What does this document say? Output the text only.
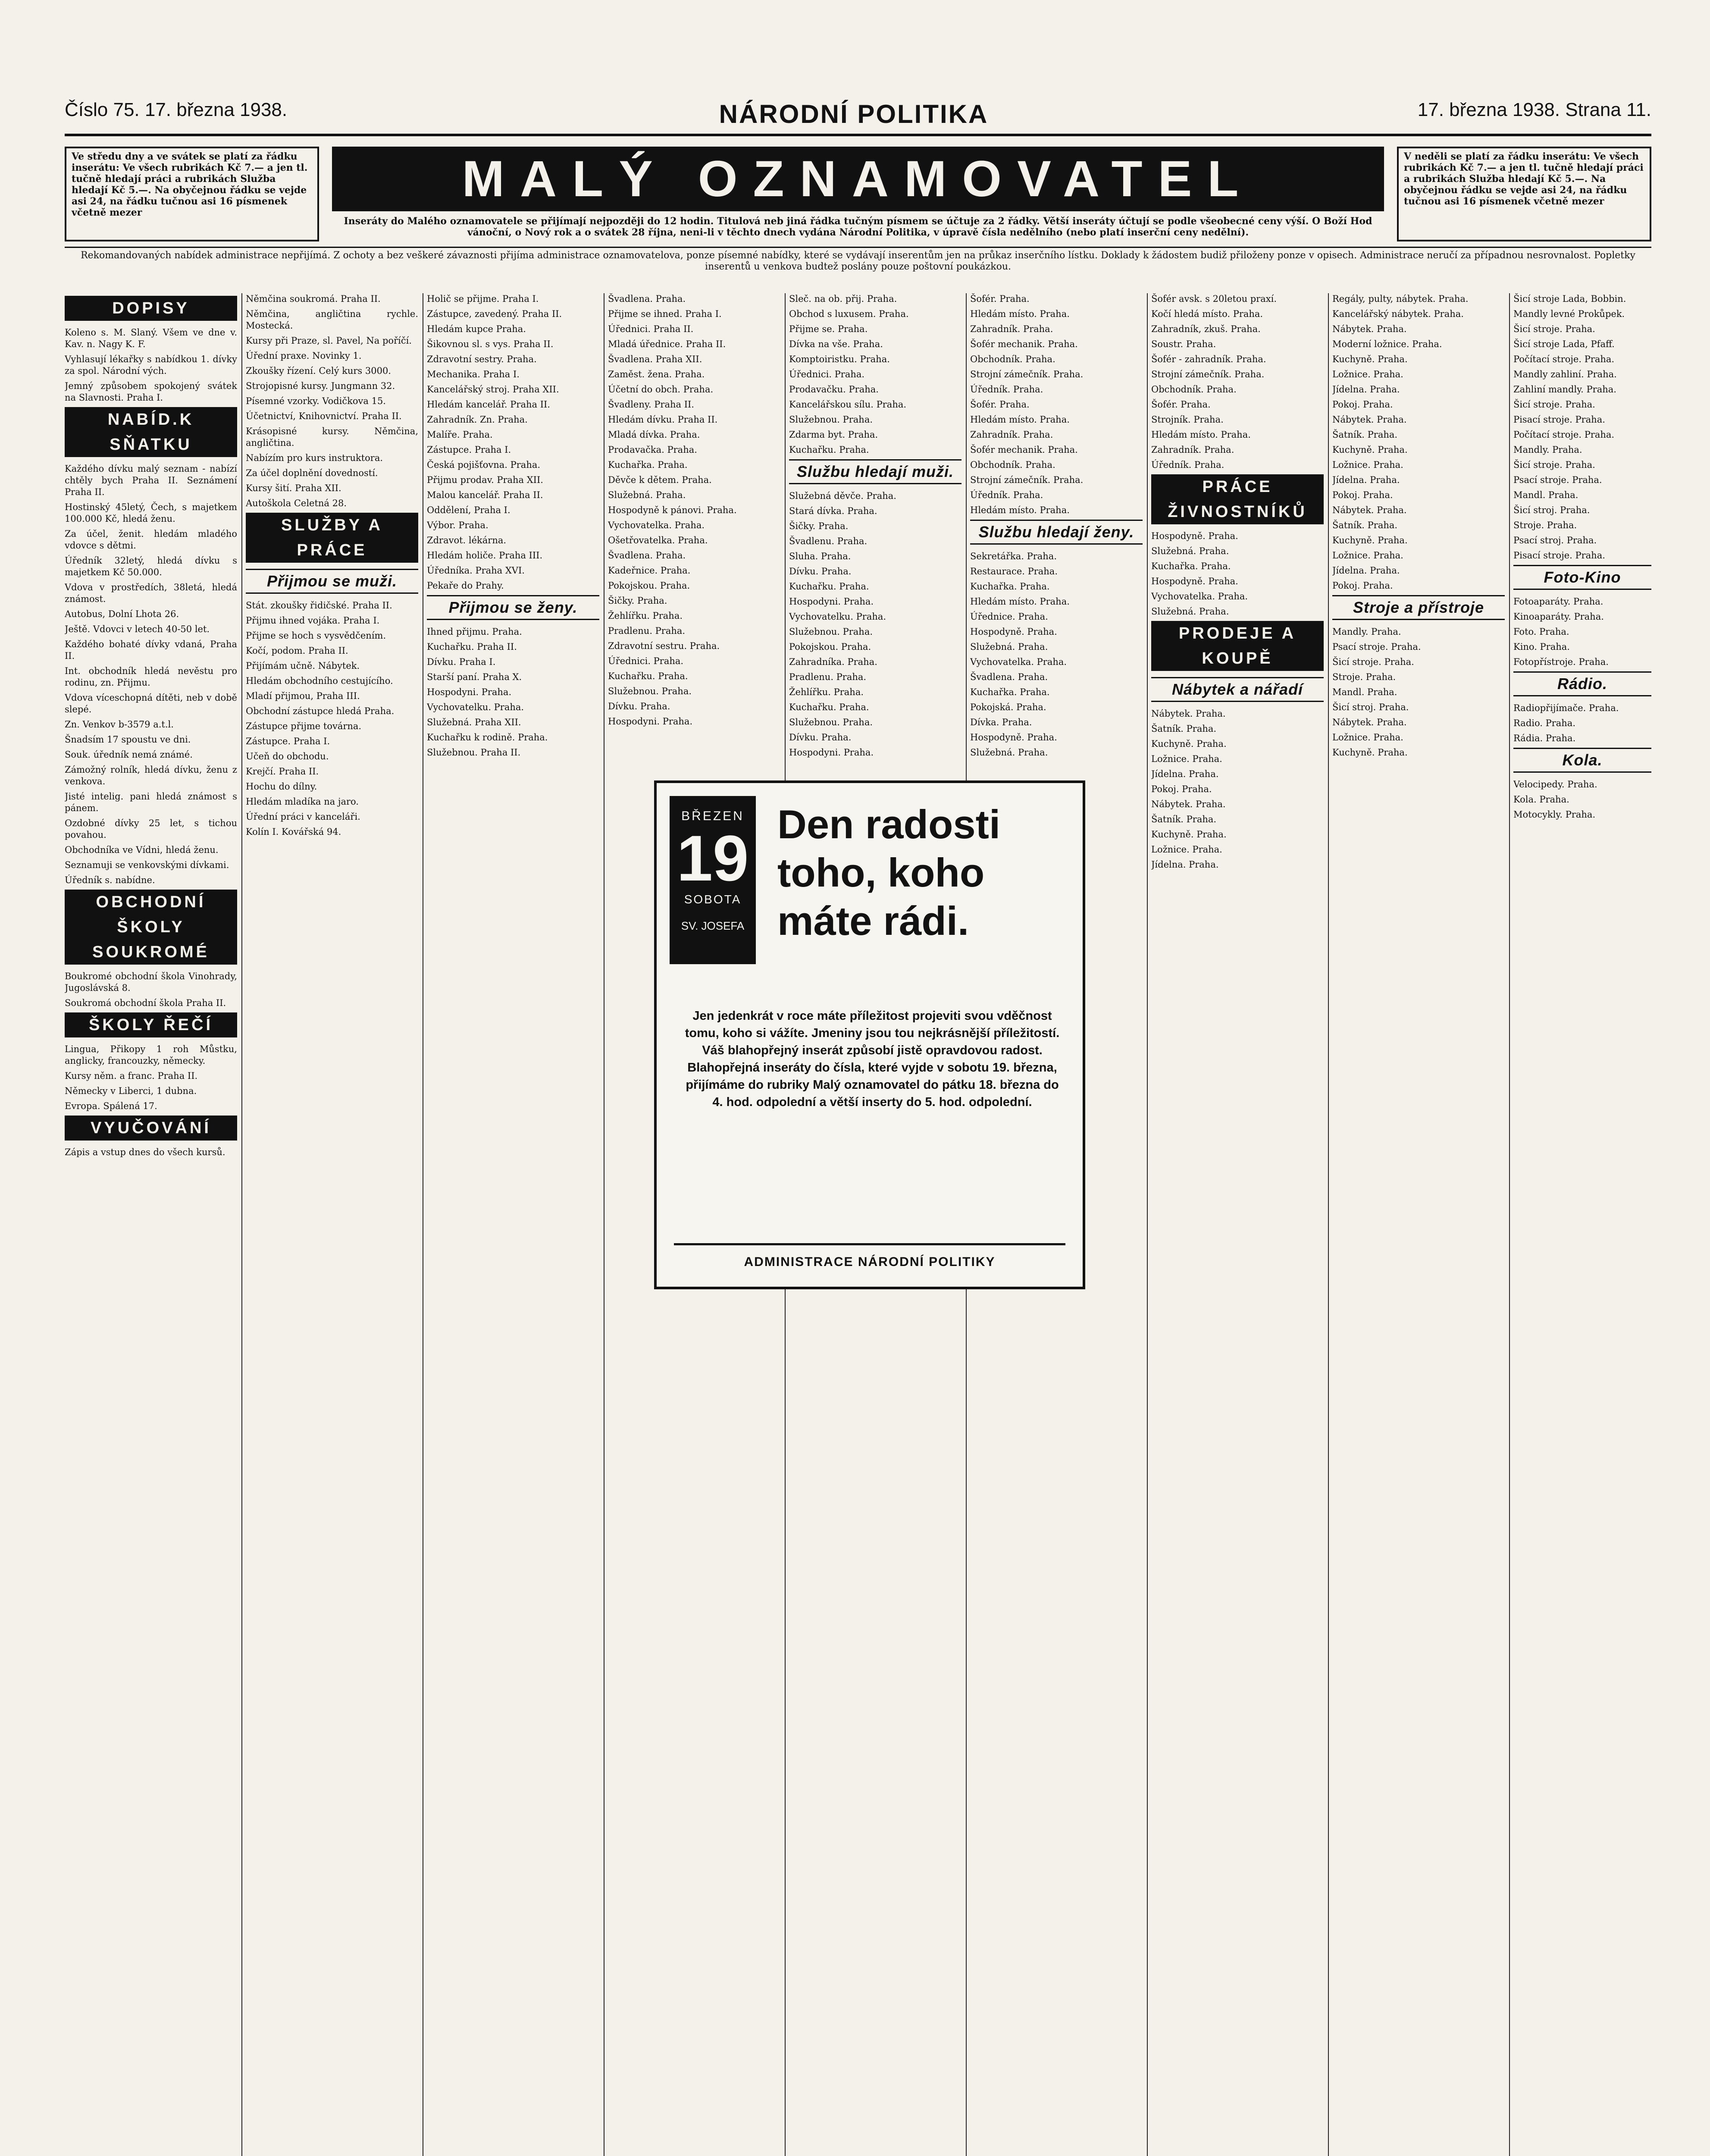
Číslo 75. 17. března 1938.	NÁRODNÍ POLITIKA	17. března 1938. Strana 11.
Ve středu dny a ve svátek se platí za řádku inserátu: Ve všech rubrikách Kč 7.— a jen tl. tučně hledají práci a rubrikách Služba hledají Kč 5.—. Na obyčejnou řádku se vejde asi 24, na řádku tučnou asi 16 písmenek včetně mezer
MALÝ OZNAMOVATEL	V neděli se platí za řádku inserátu: Ve všech rubrikách Kč 7.— a jen tl. tučně hledají práci a rubrikách Služba hledají Kč 5.—. Na obyčejnou řádku se vejde asi 24, na řádku tučnou asi 16 písmenek včetně mezer
Inseráty do Malého oznamovatele se přijímají nejpozději do 12 hodin. Titulová neb jiná řádka tučným písmem se účtuje za 2 řádky. Větší inseráty účtují se podle všeobecné ceny výší. O Boží Hod vánoční, o Nový rok a o svátek 28 října, neni-li v těchto dnech vydána Národní Politika, v úpravě čísla nedělního (nebo platí inserční ceny nedělní).
Rekomandovaných nabídek administrace nepřijímá. Z ochoty a bez veškeré závaznosti přijíma administrace oznamovatelova, ponze písemné nabídky, které se vydávají inserentům jen na průkaz inserčního lístku. Doklady k žádostem budiž přiloženy ponze v opisech. Administrace neručí za případnou nesrovnalost. Popletky inserentů u venkova budtež poslány pouze poštovní poukázkou.
DOPISY

Koleno s. M. Slaný. Všem ve dne v. Kav. n. Nagy K. F.

Vyhlasují lékařky s nabídkou 1. dívky za spol. Národní vých.

Jemný způsobem spokojený svátek na Slavnosti. Praha I.

NABÍD.K SŇATKU

Každého dívku malý seznam - nabízí chtěly bych Praha II. Seznámení Praha II.

Hostinský 45letý, Čech, s majetkem 100.000 Kč, hledá ženu.

Za účel, ženit. hledám mladého vdovce s dětmi.

Úředník 32letý, hledá dívku s majetkem Kč 50.000.

Vdova v prostředích, 38letá, hledá známost.

Autobus, Dolní Lhota 26.

Ještě. Vdovci v letech 40-50 let.

Každého bohaté dívky vdaná, Praha II.

Int. obchodník hledá nevěstu pro rodinu, zn. Přijmu.

Vdova víceschopná dítěti, neb v době slepé.

Zn. Venkov b-3579 a.t.l.

Šnadsím 17 spoustu ve dni.

Souk. úředník nemá známé.

Zámožný rolník, hledá dívku, ženu z venkova.

Jisté intelig. pani hledá známost s pánem.

Ozdobné dívky 25 let, s tichou povahou.

Obchodníka ve Vídni, hledá ženu.

Seznamuji se venkovskými dívkami.

Úředník s. nabídne.

OBCHODNÍ ŠKOLY SOUKROMÉ

Boukromé obchodní škola Vinohrady, Jugoslávská 8.

Soukromá obchodní škola Praha II.

ŠKOLY ŘEČÍ

Lingua, Přikopy 1 roh Můstku, anglicky, francouzky, německy.

Kursy něm. a franc. Praha II.

Německy v Liberci, 1 dubna.

Evropa. Spálená 17.

VYUČOVÁNÍ

Zápis a vstup dnes do všech kursů.

Němčina soukromá. Praha II.

Němčina, angličtina rychle. Mostecká.

Kursy při Praze, sl. Pavel, Na poříčí.

Úřední praxe. Novinky 1.

Zkoušky řízení. Celý kurs 3000.

Strojopisné kursy. Jungmann 32.

Písemné vzorky. Vodičkova 15.

Účetnictví, Knihovnictví. Praha II.

Krásopisné kursy. Němčina, angličtina.

Nabízím pro kurs instruktora.

Za účel doplnění dovedností.

Kursy šití. Praha XII.

Autoškola Celetná 28.

SLUŽBY A PRÁCE
Přijmou se muži.

Stát. zkoušky řidičské. Praha II.

Přijmu ihned vojáka. Praha I.

Přijme se hoch s vysvědčením.

Kočí, podom. Praha II.

Přijímám učně. Nábytek.

Hledám obchodního cestujícího.

Mladí přijmou, Praha III.

Obchodní zástupce hledá Praha.

Zástupce přijme továrna.

Zástupce. Praha I.

Učeň do obchodu.

Krejčí. Praha II.

Hochu do dílny.

Hledám mladíka na jaro.

Úřední práci v kanceláři.

Kolín I. Kovářská 94.

Holič se přijme. Praha I.

Zástupce, zavedený. Praha II.

Hledám kupce Praha.

Šikovnou sl. s vys. Praha II.

Zdravotní sestry. Praha.

Mechanika. Praha I.

Kancelářský stroj. Praha XII.

Hledám kancelář. Praha II.

Zahradník. Zn. Praha.

Malíře. Praha.

Zástupce. Praha I.

Česká pojišťovna. Praha.

Přijmu prodav. Praha XII.

Malou kancelář. Praha II.

Oddělení, Praha I.

Výbor. Praha.

Zdravot. lékárna.

Hledám holiče. Praha III.

Úředníka. Praha XVI.

Pekaře do Prahy.

Přijmou se ženy.

Ihned přijmu. Praha.

Kuchařku. Praha II.

Dívku. Praha I.

Starší paní. Praha X.

Hospodyni. Praha.

Vychovatelku. Praha.

Služebná. Praha XII.

Kuchařku k rodině. Praha.

Služebnou. Praha II.

Švadlena. Praha.

Přijme se ihned. Praha I.

Úřednici. Praha II.

Mladá úřednice. Praha II.

Švadlena. Praha XII.

Zaměst. žena. Praha.

Účetní do obch. Praha.

Švadleny. Praha II.

Hledám dívku. Praha II.

Mladá dívka. Praha.

Prodavačka. Praha.

Kuchařka. Praha.

Děvče k dětem. Praha.

Služebná. Praha.

Hospodyně k pánovi. Praha.

Vychovatelka. Praha.

Ošetřovatelka. Praha.

Švadlena. Praha.

Kadeřnice. Praha.

Pokojskou. Praha.

Šičky. Praha.

Žehlířku. Praha.

Pradlenu. Praha.

Zdravotní sestru. Praha.

Úřednici. Praha.

Kuchařku. Praha.

Služebnou. Praha.

Dívku. Praha.

Hospodyni. Praha.

Sleč. na ob. přij. Praha.

Obchod s luxusem. Praha.

Přijme se. Praha.

Dívka na vše. Praha.

Komptoiristku. Praha.

Úřednici. Praha.

Prodavačku. Praha.

Kancelářskou sílu. Praha.

Služebnou. Praha.

Zdarma byt. Praha.

Kuchařku. Praha.

Službu hledají muži.

Služebná děvče. Praha.

Stará dívka. Praha.

Šičky. Praha.

Švadlenu. Praha.

Sluha. Praha.

Dívku. Praha.

Kuchařku. Praha.

Hospodyni. Praha.

Vychovatelku. Praha.

Služebnou. Praha.

Pokojskou. Praha.

Zahradníka. Praha.

Pradlenu. Praha.

Žehlířku. Praha.

Kuchařku. Praha.

Služebnou. Praha.

Dívku. Praha.

Hospodyni. Praha.

Šofér. Praha.

Hledám místo. Praha.

Zahradník. Praha.

Šofér mechanik. Praha.

Obchodník. Praha.

Strojní zámečník. Praha.

Úředník. Praha.

Šofér. Praha.

Hledám místo. Praha.

Zahradník. Praha.

Šofér mechanik. Praha.

Obchodník. Praha.

Strojní zámečník. Praha.

Úředník. Praha.

Hledám místo. Praha.

Službu hledají ženy.

Sekretářka. Praha.

Restaurace. Praha.

Kuchařka. Praha.

Hledám místo. Praha.

Úřednice. Praha.

Hospodyně. Praha.

Služebná. Praha.

Vychovatelka. Praha.

Švadlena. Praha.

Kuchařka. Praha.

Pokojská. Praha.

Dívka. Praha.

Hospodyně. Praha.

Služebná. Praha.

Šofér avsk. s 20letou praxí.

Kočí hledá místo. Praha.

Zahradník, zkuš. Praha.

Soustr. Praha.

Šofér - zahradník. Praha.

Strojní zámečník. Praha.

Obchodník. Praha.

Šofér. Praha.

Strojník. Praha.

Hledám místo. Praha.

Zahradník. Praha.

Úředník. Praha.

PRÁCE ŽIVNOSTNÍKŮ

Hospodyně. Praha.

Služebná. Praha.

Kuchařka. Praha.

Hospodyně. Praha.

Vychovatelka. Praha.

Služebná. Praha.

PRODEJE A KOUPĚ
Nábytek a nářadí

Nábytek. Praha.

Šatník. Praha.

Kuchyně. Praha.

Ložnice. Praha.

Jídelna. Praha.

Pokoj. Praha.

Nábytek. Praha.

Šatník. Praha.

Kuchyně. Praha.

Ložnice. Praha.

Jídelna. Praha.

Regály, pulty, nábytek. Praha.

Kancelářský nábytek. Praha.

Nábytek. Praha.

Moderní ložnice. Praha.

Kuchyně. Praha.

Ložnice. Praha.

Jídelna. Praha.

Pokoj. Praha.

Nábytek. Praha.

Šatník. Praha.

Kuchyně. Praha.

Ložnice. Praha.

Jídelna. Praha.

Pokoj. Praha.

Nábytek. Praha.

Šatník. Praha.

Kuchyně. Praha.

Ložnice. Praha.

Jídelna. Praha.

Pokoj. Praha.

Stroje a přístroje

Mandly. Praha.

Psací stroje. Praha.

Šicí stroje. Praha.

Stroje. Praha.

Mandl. Praha.

Šicí stroj. Praha.

Nábytek. Praha.

Ložnice. Praha.

Kuchyně. Praha.

Šicí stroje Lada, Bobbin.

Mandly levné Prokůpek.

Šicí stroje. Praha.

Šicí stroje Lada, Pfaff.

Počítací stroje. Praha.

Mandly zahliní. Praha.

Zahliní mandly. Praha.

Šicí stroje. Praha.

Pisací stroje. Praha.

Počítací stroje. Praha.

Mandly. Praha.

Šicí stroje. Praha.

Psací stroje. Praha.

Mandl. Praha.

Šicí stroj. Praha.

Stroje. Praha.

Psací stroj. Praha.

Pisací stroje. Praha.

Foto-Kino

Fotoaparáty. Praha.

Kinoaparáty. Praha.

Foto. Praha.

Kino. Praha.

Fotopřístroje. Praha.

Rádio.

Radiopřijímače. Praha.

Radio. Praha.

Rádia. Praha.

Kola.

Velocipedy. Praha.

Kola. Praha.

Motocykly. Praha.

BŘEZEN
19
SOBOTA
SV. JOSEFA
Den radosti toho, koho máte rádi.
Jen jedenkrát v roce máte příležitost projeviti svou vděčnost tomu, koho si vážíte. Jmeniny jsou tou nejkrásnější příležitostí. Váš blahopřejný inserát způsobí jistě opravdovou radost. Blahopřejná inseráty do čísla, které vyjde v sobotu 19. března, přijímáme do rubriky Malý oznamovatel do pátku 18. března do 4. hod. odpolední a větší inserty do 5. hod. odpolední.
ADMINISTRACE NÁRODNÍ POLITIKY
